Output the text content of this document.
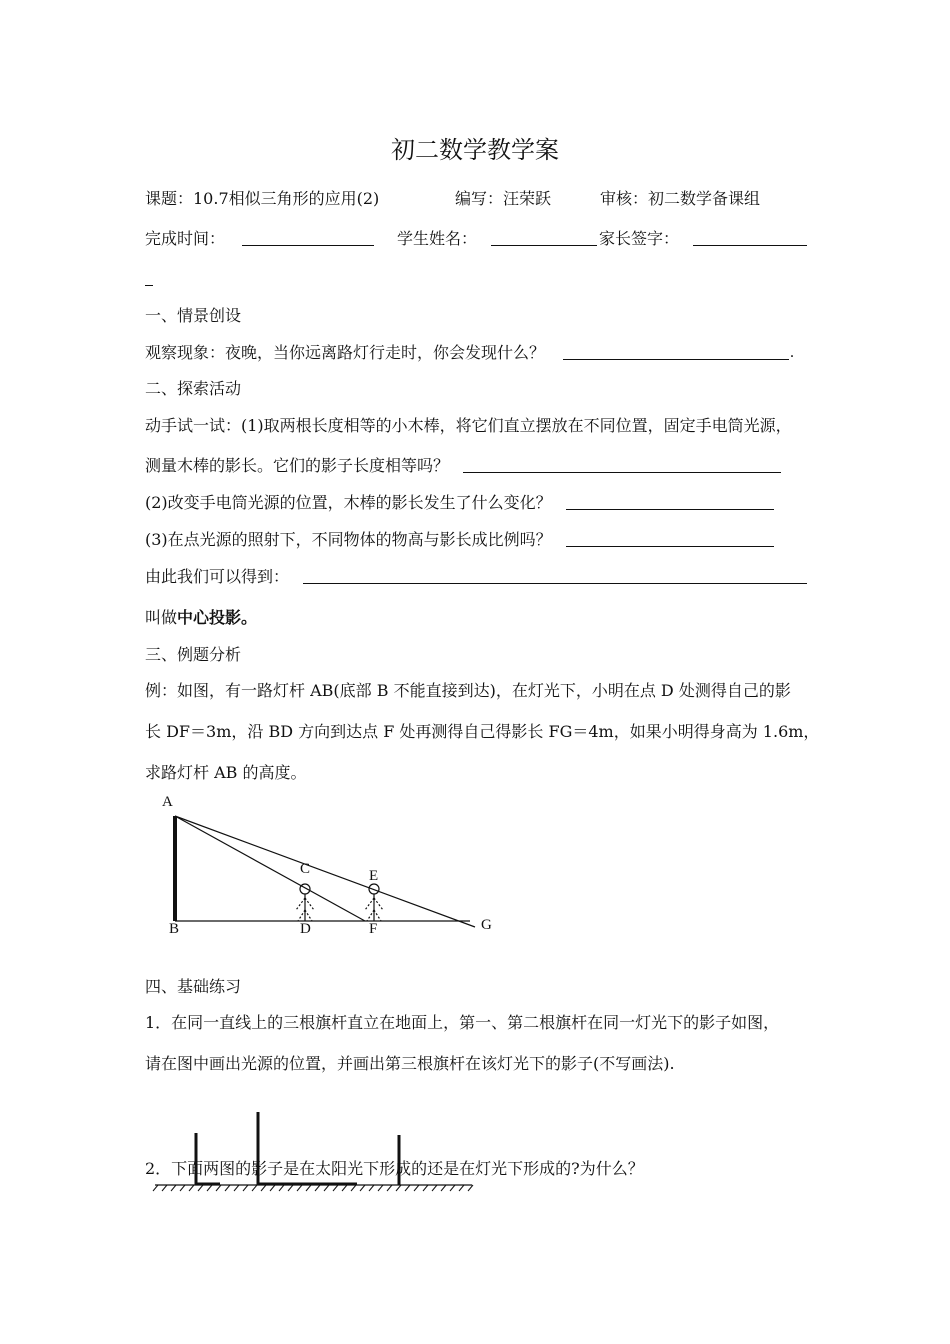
初二数学教学案
课题：10.7相似三角形的应用(2)	编写：汪荣跃	审核：初二数学备课组
完成时间：	学生姓名：	家长签字：
一、情景创设
观察现象：夜晚，当你远离路灯行走时，你会发现什么？	.
二、探索活动
动手试一试：(1)取两根长度相等的小木棒，将它们直立摆放在不同位置，固定手电筒光源，
测量木棒的影长。它们的影子长度相等吗？
(2)改变手电筒光源的位置，木棒的影长发生了什么变化？
(3)在点光源的照射下，不同物体的物高与影长成比例吗？
由此我们可以得到：
叫做中心投影。
三、例题分析
例：如图，有一路灯杆 AB(底部 B 不能直接到达)，在灯光下，小明在点 D 处测得自己的影
长 DF＝3m，沿 BD 方向到达点 F 处再测得自己得影长 FG＝4m，如果小明得身高为 1.6m，
求路灯杆 AB 的高度。
A
B
C
D
E
F	G
四、基础练习
1．在同一直线上的三根旗杆直立在地面上，第一、第二根旗杆在同一灯光下的影子如图，
请在图中画出光源的位置，并画出第三根旗杆在该灯光下的影子(不写画法).
2．下面两图的影子是在太阳光下形成的还是在灯光下形成的?为什么？
